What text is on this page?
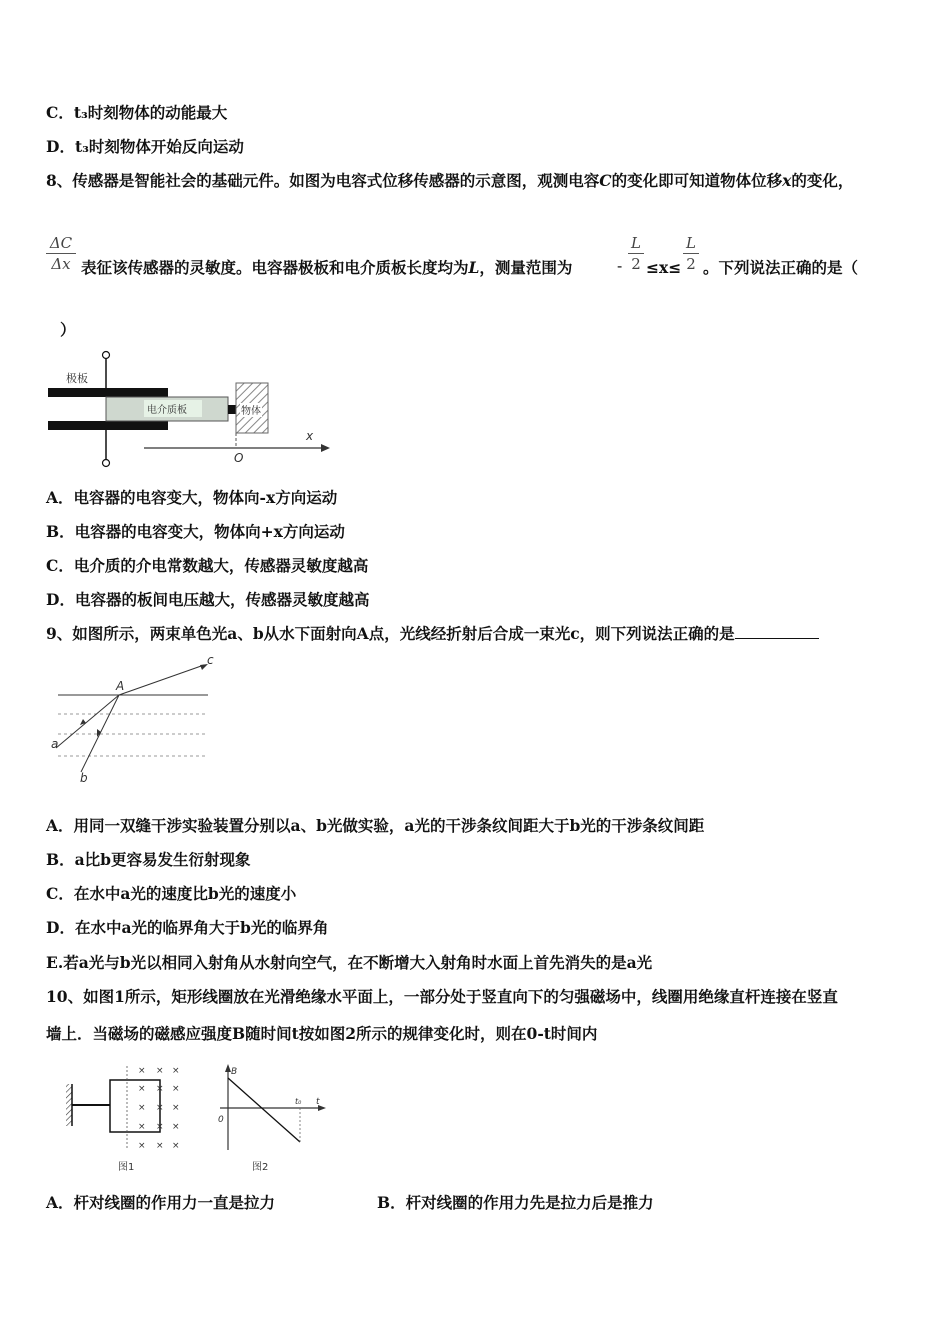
C．t₃时刻物体的动能最大
D．t₃时刻物体开始反向运动
8、传感器是智能社会的基础元件。如图为电容式位移传感器的示意图，观测电容C的变化即可知道物体位移x的变化，
ΔC
Δx 表征该传感器的灵敏度。电容器极板和电介质板长度均为L，测量范围为	-
L
2 ≤x≤
L
2 。下列说法正确的是（
）
极板
电介质板	物体
O
x
A．电容器的电容变大，物体向-x方向运动
B．电容器的电容变大，物体向+x方向运动
C．电介质的介电常数越大，传感器灵敏度越高
D．电容器的板间电压越大，传感器灵敏度越高
9、如图所示，两束单色光a、b从水下面射向A点，光线经折射后合成一束光c，则下列说法正确的是
A
a
b
c
A．用同一双缝干涉实验装置分别以a、b光做实验，a光的干涉条纹间距大于b光的干涉条纹间距
B．a比b更容易发生衍射现象
C．在水中a光的速度比b光的速度小
D．在水中a光的临界角大于b光的临界角
E.若a光与b光以相同入射角从水射向空气，在不断增大入射角时水面上首先消失的是a光
10、如图1所示，矩形线圈放在光滑绝缘水平面上，一部分处于竖直向下的匀强磁场中，线圈用绝缘直杆连接在竖直
墙上．当磁场的磁感应强度B随时间t按如图2所示的规律变化时，则在0-t时间内
× × ×
× × ×
× × ×
× × ×
× × ×
图1
B
t
0
t₀
图2
A．杆对线圈的作用力一直是拉力	B．杆对线圈的作用力先是拉力后是推力
